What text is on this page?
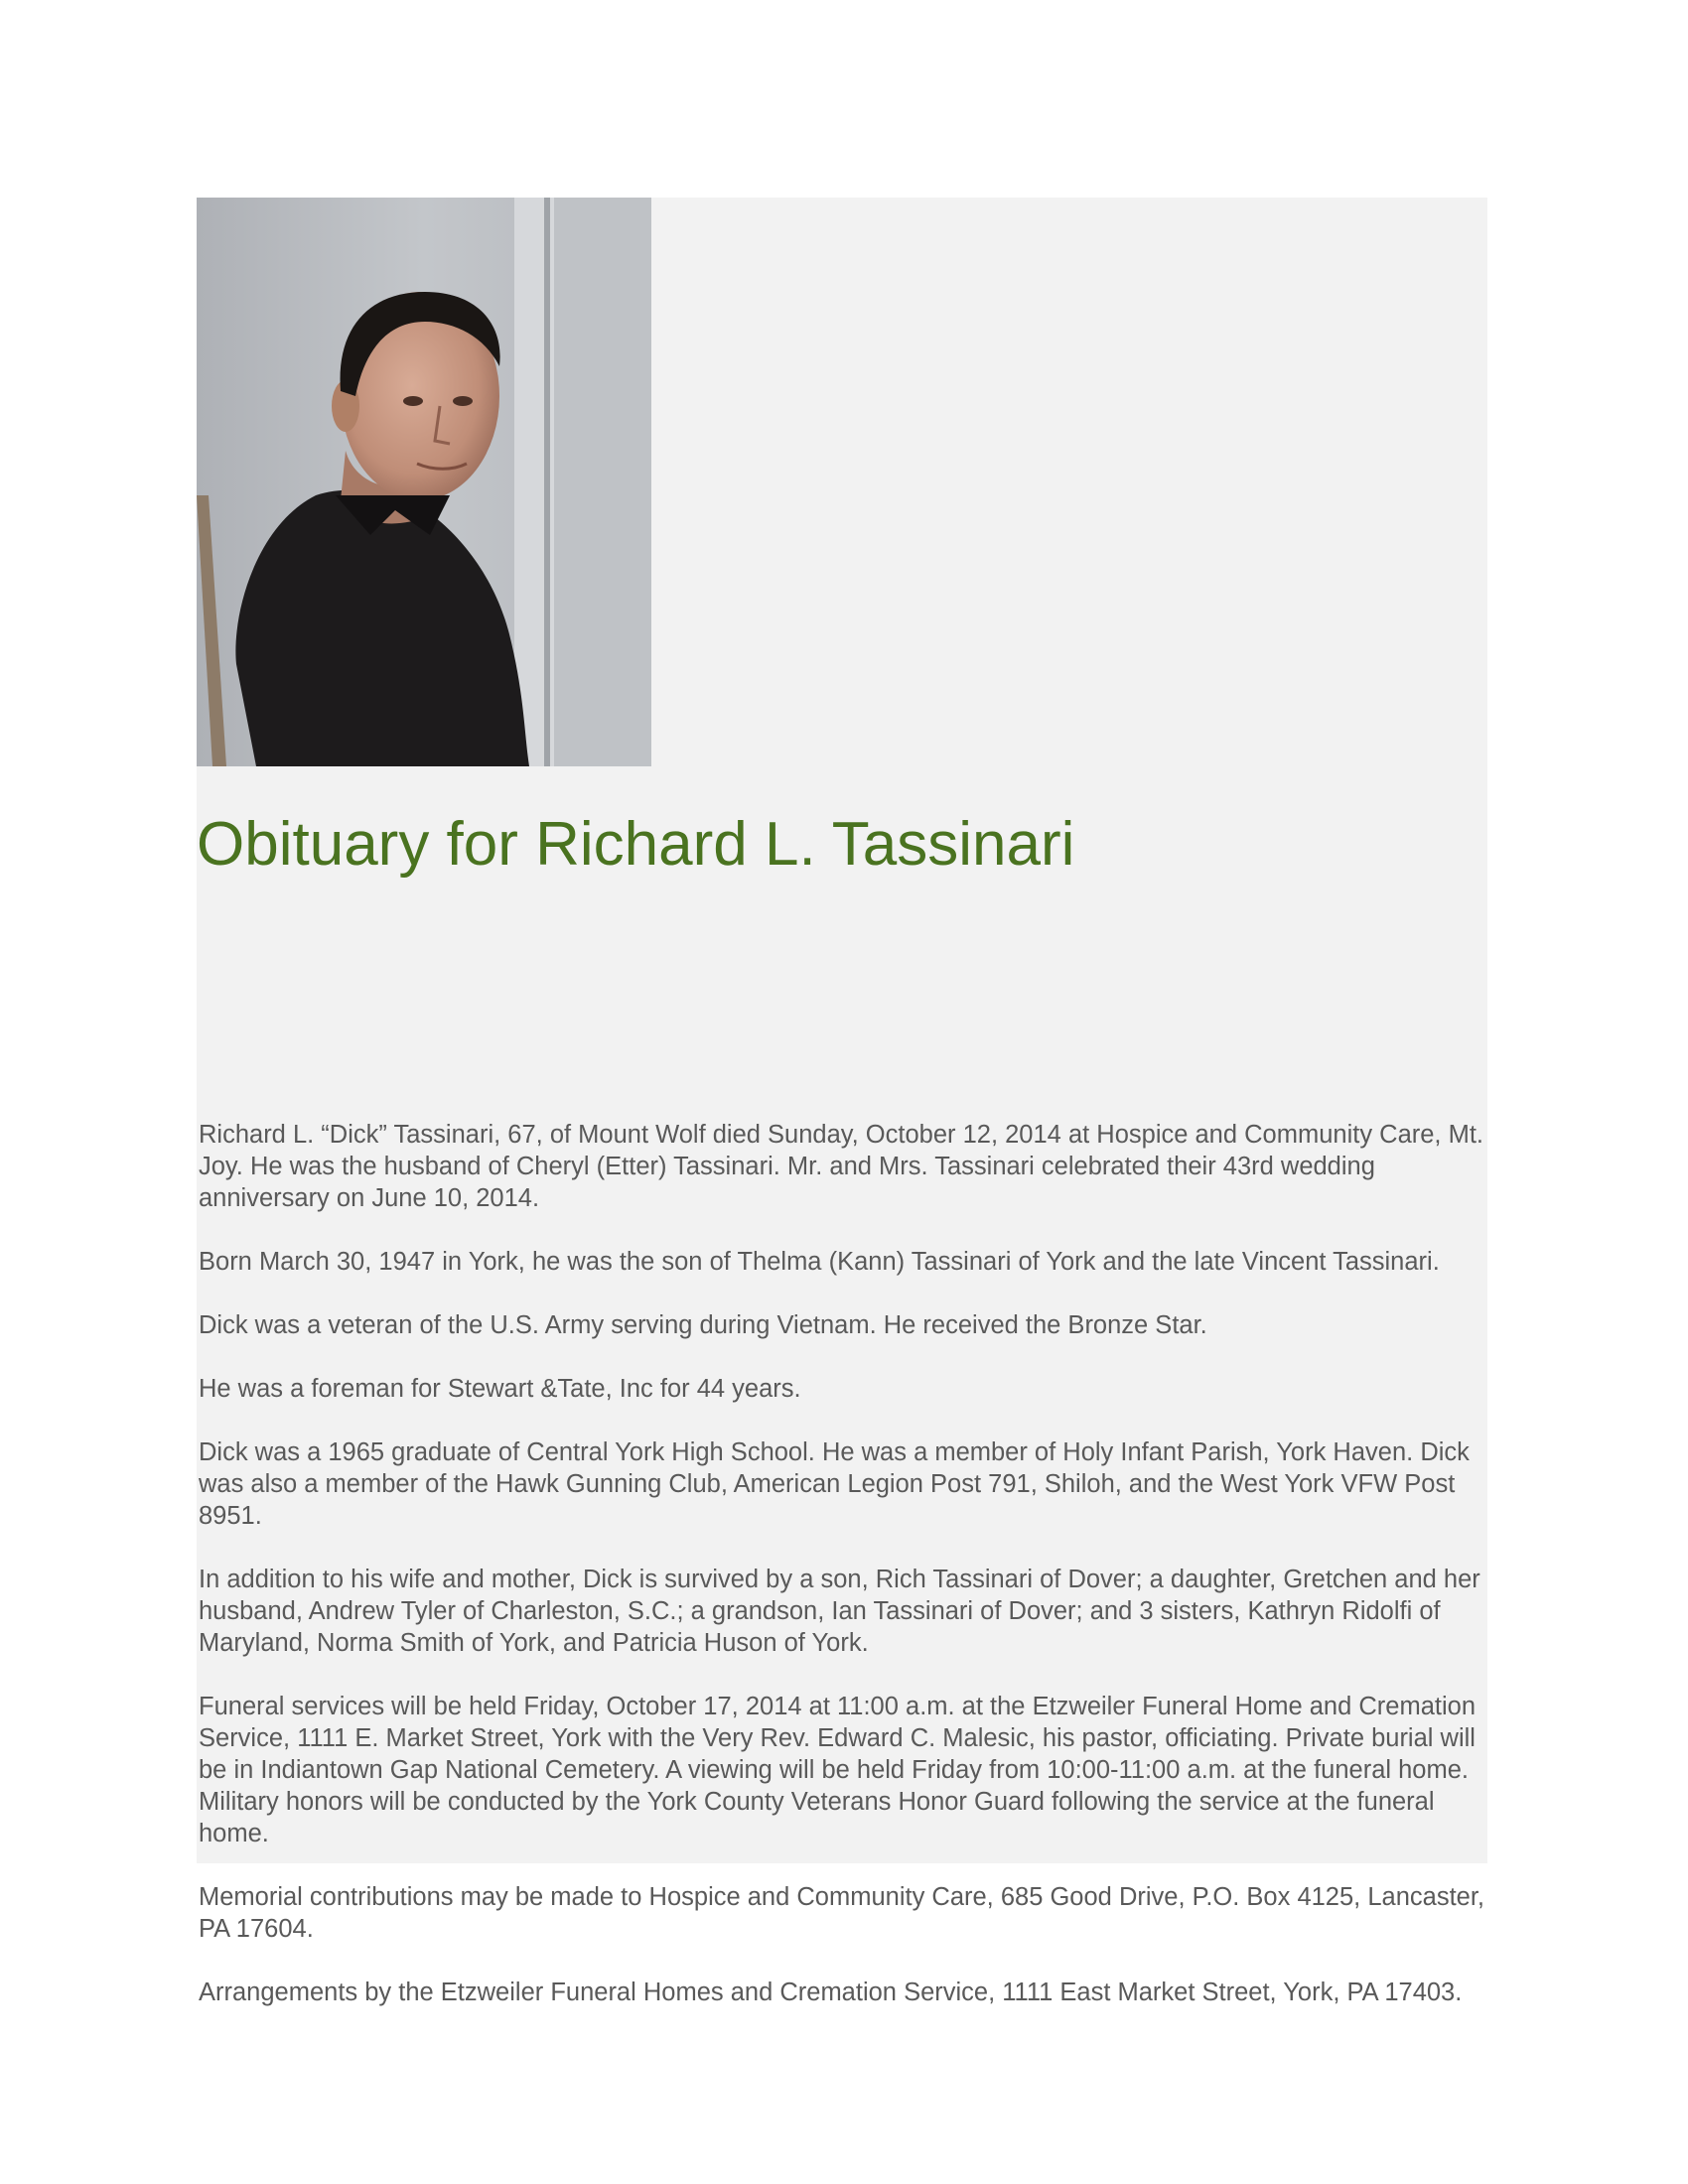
Obituary for Richard L. Tassinari

Richard L. “Dick” Tassinari, 67, of Mount Wolf died Sunday, October 12, 2014 at Hospice and Community Care, Mt. Joy. He was the husband of Cheryl (Etter) Tassinari. Mr. and Mrs. Tassinari celebrated their 43rd wedding anniversary on June 10, 2014.

Born March 30, 1947 in York, he was the son of Thelma (Kann) Tassinari of York and the late Vincent Tassinari.

Dick was a veteran of the U.S. Army serving during Vietnam. He received the Bronze Star.

He was a foreman for Stewart &Tate, Inc for 44 years.

Dick was a 1965 graduate of Central York High School. He was a member of Holy Infant Parish, York Haven. Dick was also a member of the Hawk Gunning Club, American Legion Post 791, Shiloh, and the West York VFW Post 8951.

In addition to his wife and mother, Dick is survived by a son, Rich Tassinari of Dover; a daughter, Gretchen and her husband, Andrew Tyler of Charleston, S.C.; a grandson, Ian Tassinari of Dover; and 3 sisters, Kathryn Ridolfi of Maryland, Norma Smith of York, and Patricia Huson of York.

Funeral services will be held Friday, October 17, 2014 at 11:00 a.m. at the Etzweiler Funeral Home and Cremation Service, 1111 E. Market Street, York with the Very Rev. Edward C. Malesic, his pastor, officiating. Private burial will be in Indiantown Gap National Cemetery. A viewing will be held Friday from 10:00-11:00 a.m. at the funeral home. Military honors will be conducted by the York County Veterans Honor Guard following the service at the funeral home.

Memorial contributions may be made to Hospice and Community Care, 685 Good Drive, P.O. Box 4125, Lancaster, PA 17604.

Arrangements by the Etzweiler Funeral Homes and Cremation Service, 1111 East Market Street, York, PA 17403.
